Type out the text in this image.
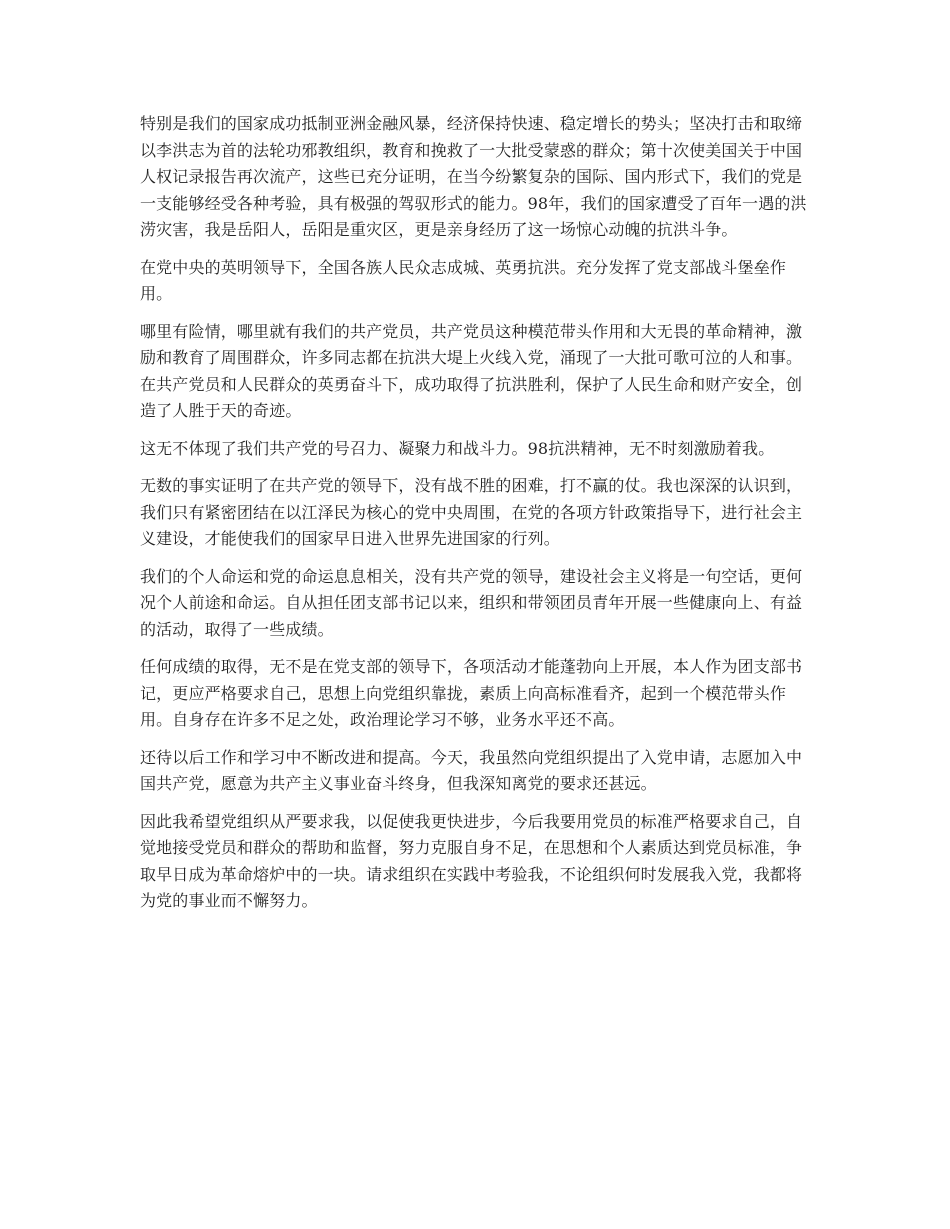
特别是我们的国家成功抵制亚洲金融风暴，经济保持快速、稳定增长的势头；坚决打击和取缔以李洪志为首的法轮功邪教组织，教育和挽救了一大批受蒙惑的群众；第十次使美国关于中国人权记录报告再次流产，这些已充分证明，在当今纷繁复杂的国际、国内形式下，我们的党是一支能够经受各种考验，具有极强的驾驭形式的能力。98年，我们的国家遭受了百年一遇的洪涝灾害，我是岳阳人，岳阳是重灾区，更是亲身经历了这一场惊心动魄的抗洪斗争。

在党中央的英明领导下，全国各族人民众志成城、英勇抗洪。充分发挥了党支部战斗堡垒作用。

哪里有险情，哪里就有我们的共产党员，共产党员这种模范带头作用和大无畏的革命精神，激励和教育了周围群众，许多同志都在抗洪大堤上火线入党，涌现了一大批可歌可泣的人和事。在共产党员和人民群众的英勇奋斗下，成功取得了抗洪胜利，保护了人民生命和财产安全，创造了人胜于天的奇迹。

这无不体现了我们共产党的号召力、凝聚力和战斗力。98抗洪精神，无不时刻激励着我。

无数的事实证明了在共产党的领导下，没有战不胜的困难，打不赢的仗。我也深深的认识到，我们只有紧密团结在以江泽民为核心的党中央周围，在党的各项方针政策指导下，进行社会主义建设，才能使我们的国家早日进入世界先进国家的行列。

我们的个人命运和党的命运息息相关，没有共产党的领导，建设社会主义将是一句空话，更何况个人前途和命运。自从担任团支部书记以来，组织和带领团员青年开展一些健康向上、有益的活动，取得了一些成绩。

任何成绩的取得，无不是在党支部的领导下，各项活动才能蓬勃向上开展，本人作为团支部书记，更应严格要求自己，思想上向党组织靠拢，素质上向高标准看齐，起到一个模范带头作用。自身存在许多不足之处，政治理论学习不够，业务水平还不高。

还待以后工作和学习中不断改进和提高。今天，我虽然向党组织提出了入党申请，志愿加入中国共产党，愿意为共产主义事业奋斗终身，但我深知离党的要求还甚远。

因此我希望党组织从严要求我，以促使我更快进步，今后我要用党员的标准严格要求自己，自觉地接受党员和群众的帮助和监督，努力克服自身不足，在思想和个人素质达到党员标准，争取早日成为革命熔炉中的一块。请求组织在实践中考验我，不论组织何时发展我入党，我都将为党的事业而不懈努力。
